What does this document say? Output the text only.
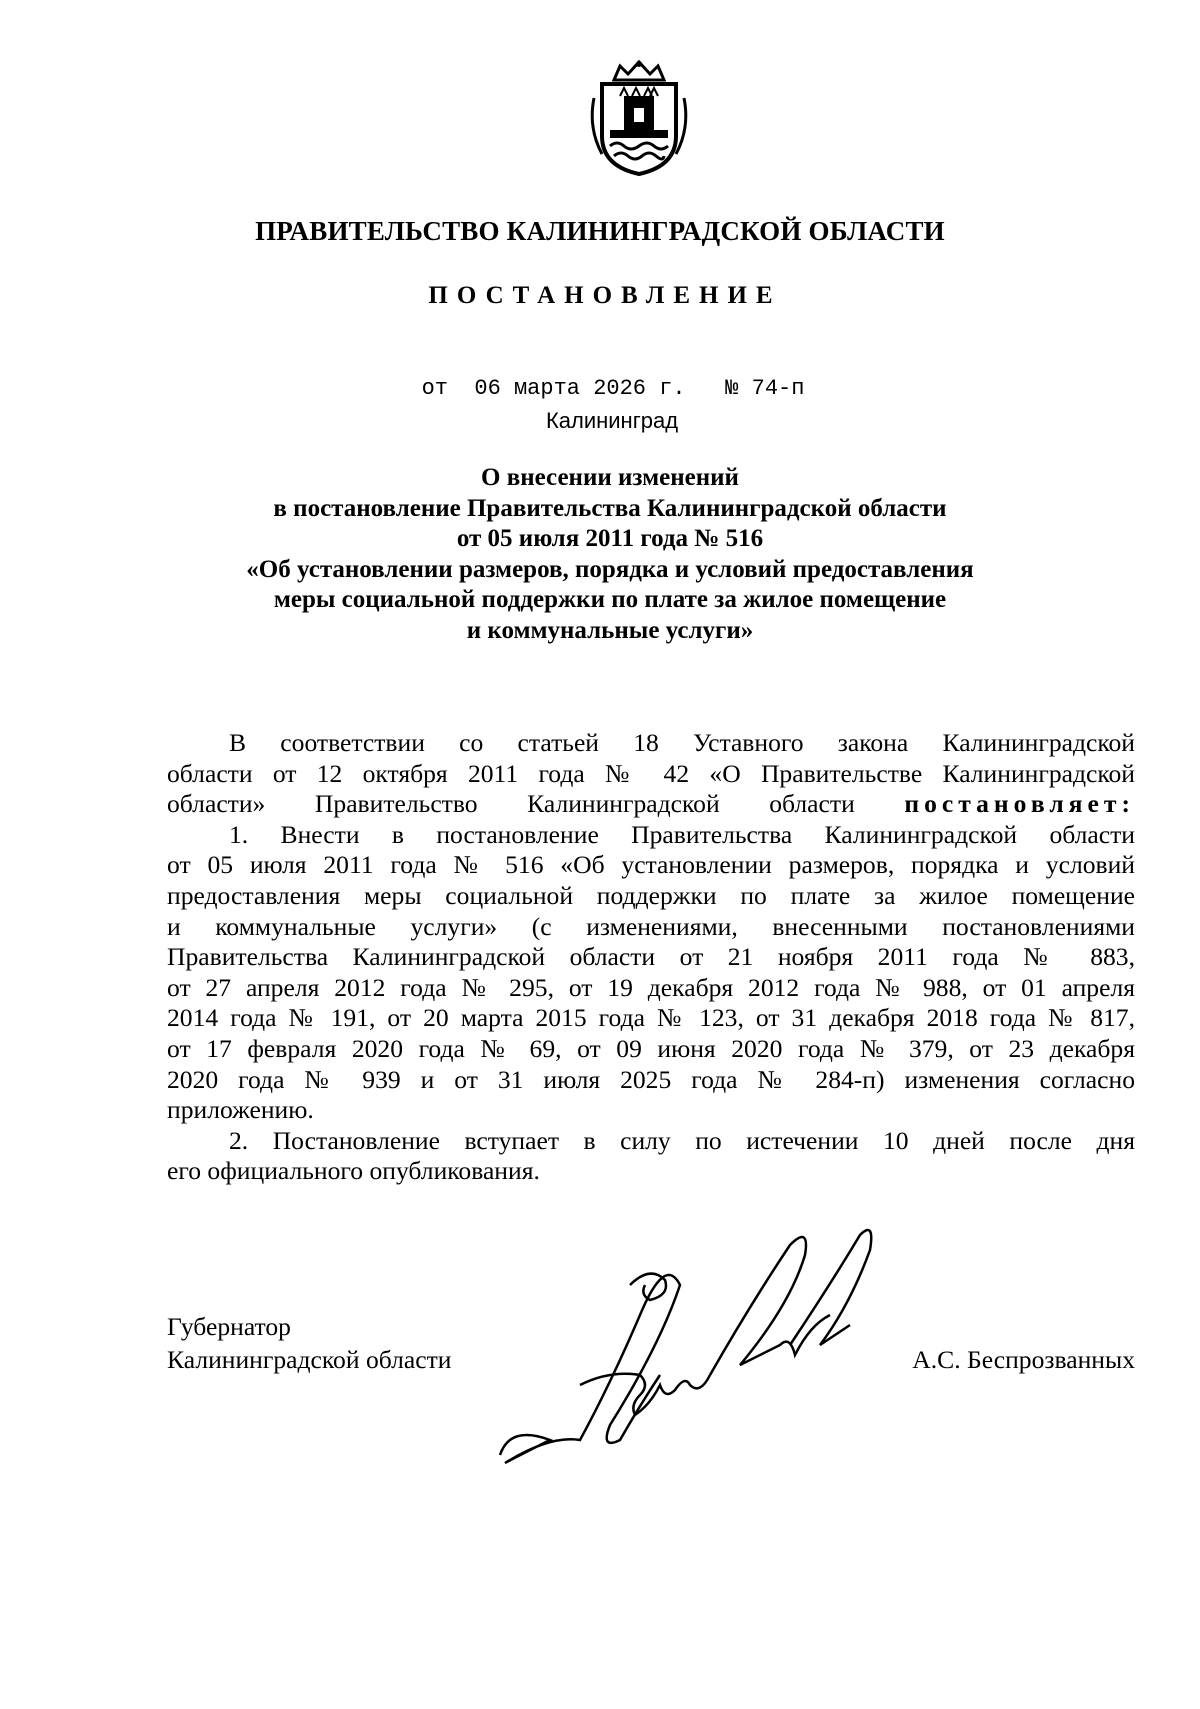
ПРАВИТЕЛЬСТВО КАЛИНИНГРАДСКОЙ ОБЛАСТИ
ПОСТАНОВЛЕНИЕ
от 06 марта 2026 г. № 74-п
Калининград
О внесении изменений
в постановление Правительства Калининградской области
от 05 июля 2011 года № 516
«Об установлении размеров, порядка и условий предоставления
меры социальной поддержки по плате за жилое помещение
и коммунальные услуги»
В соответствии со статьей 18 Уставного закона Калининградской
области от 12 октября 2011 года № 42 «О Правительстве Калининградской
области» Правительство Калининградской области постановляет:
1. Внести в постановление Правительства Калининградской области
от 05 июля 2011 года № 516 «Об установлении размеров, порядка и условий
предоставления меры социальной поддержки по плате за жилое помещение
и коммунальные услуги» (с изменениями, внесенными постановлениями
Правительства Калининградской области от 21 ноября 2011 года № 883,
от 27 апреля 2012 года № 295, от 19 декабря 2012 года № 988, от 01 апреля
2014 года № 191, от 20 марта 2015 года № 123, от 31 декабря 2018 года № 817,
от 17 февраля 2020 года № 69, от 09 июня 2020 года № 379, от 23 декабря
2020 года № 939 и от 31 июля 2025 года № 284-п) изменения согласно
приложению.
2. Постановление вступает в силу по истечении 10 дней после дня
его официального опубликования.
Губернатор
Калининградской области	А.С. Беспрозванных
